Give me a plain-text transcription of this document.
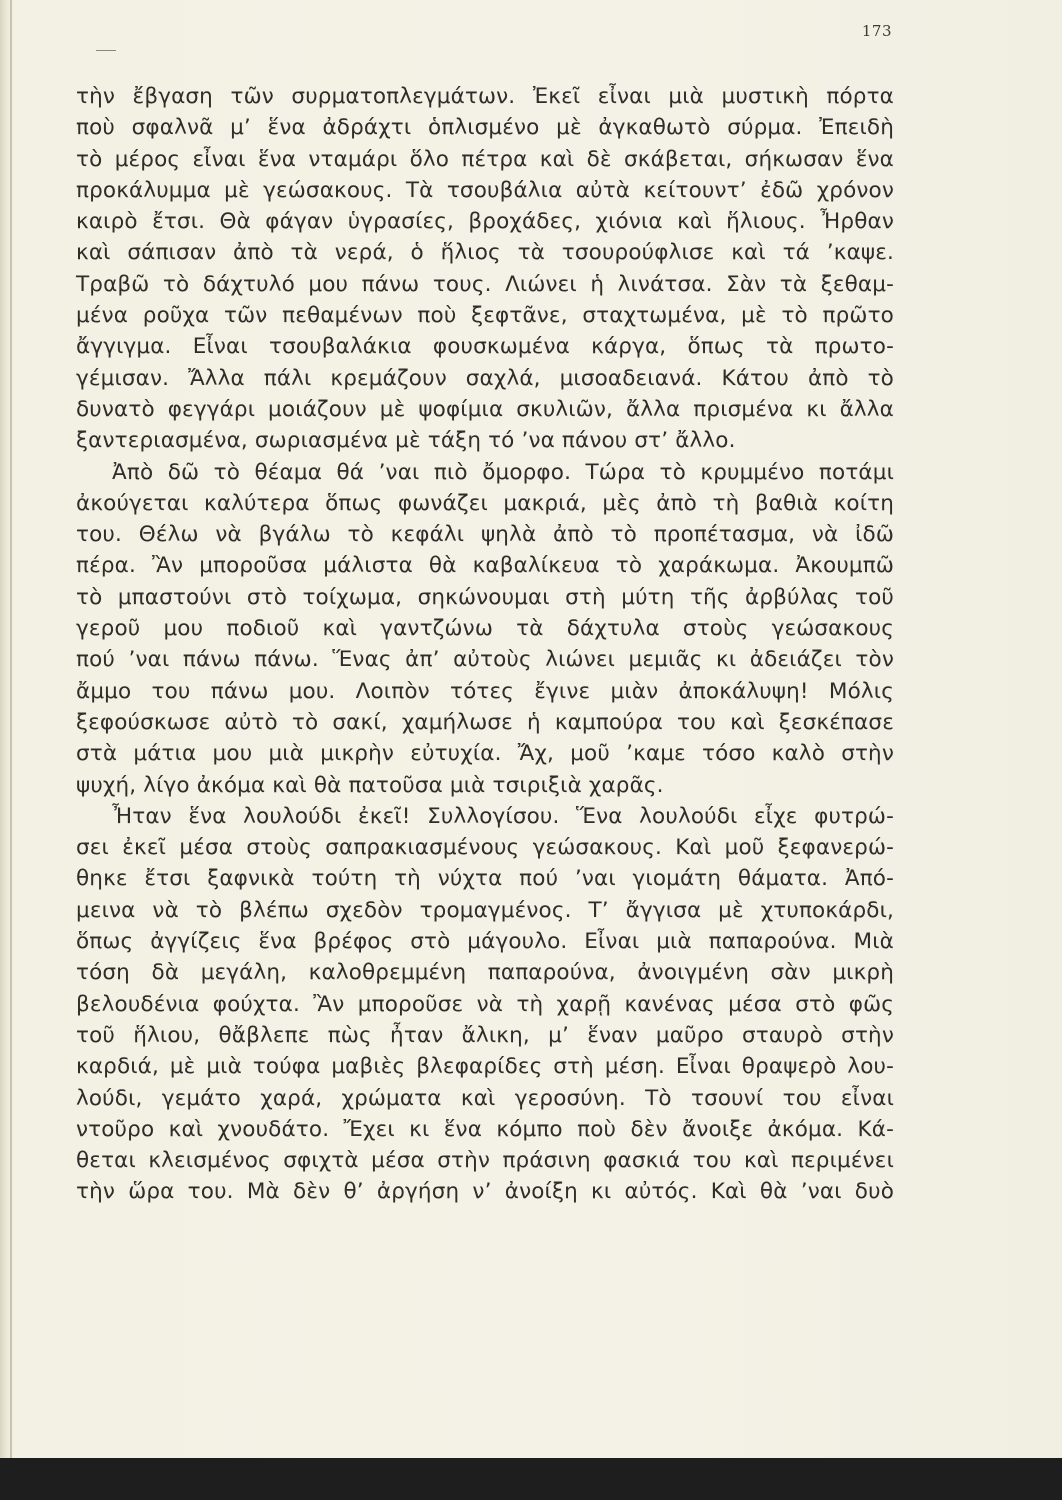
173
τὴν ἔβγαση τῶν συρματοπλεγμάτων. Ἐκεῖ εἶναι μιὰ μυστικὴ πόρτα
ποὺ σφαλνᾶ μ’ ἕνα ἀδράχτι ὁπλισμένο μὲ ἀγκαθωτὸ σύρμα. Ἐπειδὴ
τὸ μέρος εἶναι ἕνα νταμάρι ὅλο πέτρα καὶ δὲ σκάβεται, σήκωσαν ἕνα
προκάλυμμα μὲ γεώσακους. Τὰ τσουβάλια αὐτὰ κείτουντ’ ἐδῶ χρόνον
καιρὸ ἔτσι. Θὰ φάγαν ὑγρασίες, βροχάδες, χιόνια καὶ ἥλιους. Ἦρθαν
καὶ σάπισαν ἀπὸ τὰ νερά, ὁ ἥλιος τὰ τσουρούφλισε καὶ τά ’καψε.
Τραβῶ τὸ δάχτυλό μου πάνω τους. Λιώνει ἡ λινάτσα. Σὰν τὰ ξεθαμ-
μένα ροῦχα τῶν πεθαμένων ποὺ ξεφτᾶνε, σταχτωμένα, μὲ τὸ πρῶτο
ἄγγιγμα. Εἶναι τσουβαλάκια φουσκωμένα κάργα, ὅπως τὰ πρωτο-
γέμισαν. Ἄλλα πάλι κρεμάζουν σαχλά, μισοαδειανά. Κάτου ἀπὸ τὸ
δυνατὸ φεγγάρι μοιάζουν μὲ ψοφίμια σκυλιῶν, ἄλλα πρισμένα κι ἄλλα
ξαντεριασμένα, σωριασμένα μὲ τάξη τό ’να πάνου στ’ ἄλλο.
Ἀπὸ δῶ τὸ θέαμα θά ’ναι πιὸ ὄμορφο. Τώρα τὸ κρυμμένο ποτάμι
ἀκούγεται καλύτερα ὅπως φωνάζει μακριά, μὲς ἀπὸ τὴ βαθιὰ κοίτη
του. Θέλω νὰ βγάλω τὸ κεφάλι ψηλὰ ἀπὸ τὸ προπέτασμα, νὰ ἰδῶ
πέρα. Ἂν μποροῦσα μάλιστα θὰ καβαλίκευα τὸ χαράκωμα. Ἀκουμπῶ
τὸ μπαστούνι στὸ τοίχωμα, σηκώνουμαι στὴ μύτη τῆς ἀρβύλας τοῦ
γεροῦ μου ποδιοῦ καὶ γαντζώνω τὰ δάχτυλα στοὺς γεώσακους
πού ’ναι πάνω πάνω. Ἕνας ἀπ’ αὐτοὺς λιώνει μεμιᾶς κι ἀδειάζει τὸν
ἄμμο του πάνω μου. Λοιπὸν τότες ἔγινε μιὰν ἀποκάλυψη! Μόλις
ξεφούσκωσε αὐτὸ τὸ σακί, χαμήλωσε ἡ καμπούρα του καὶ ξεσκέπασε
στὰ μάτια μου μιὰ μικρὴν εὐτυχία. Ἄχ, μοῦ ’καμε τόσο καλὸ στὴν
ψυχή, λίγο ἀκόμα καὶ θὰ πατοῦσα μιὰ τσιριξιὰ χαρᾶς.
Ἦταν ἕνα λουλούδι ἐκεῖ! Συλλογίσου. Ἕνα λουλούδι εἶχε φυτρώ-
σει ἐκεῖ μέσα στοὺς σαπρακιασμένους γεώσακους. Καὶ μοῦ ξεφανερώ-
θηκε ἔτσι ξαφνικὰ τούτη τὴ νύχτα πού ’ναι γιομάτη θάματα. Ἀπό-
μεινα νὰ τὸ βλέπω σχεδὸν τρομαγμένος. Τ’ ἄγγισα μὲ χτυποκάρδι,
ὅπως ἀγγίζεις ἕνα βρέφος στὸ μάγουλο. Εἶναι μιὰ παπαρούνα. Μιὰ
τόση δὰ μεγάλη, καλοθρεμμένη παπαρούνα, ἀνοιγμένη σὰν μικρὴ
βελουδένια φούχτα. Ἂν μποροῦσε νὰ τὴ χαρῇ κανένας μέσα στὸ φῶς
τοῦ ἥλιου, θἄβλεπε πὼς ἦταν ἄλικη, μ’ ἕναν μαῦρο σταυρὸ στὴν
καρδιά, μὲ μιὰ τούφα μαβιὲς βλεφαρίδες στὴ μέση. Εἶναι θραψερὸ λου-
λούδι, γεμάτο χαρά, χρώματα καὶ γεροσύνη. Τὸ τσουνί του εἶναι
ντοῦρο καὶ χνουδάτο. Ἔχει κι ἕνα κόμπο ποὺ δὲν ἄνοιξε ἀκόμα. Κά-
θεται κλεισμένος σφιχτὰ μέσα στὴν πράσινη φασκιά του καὶ περιμένει
τὴν ὥρα του. Μὰ δὲν θ’ ἀργήση ν’ ἀνοίξη κι αὐτός. Καὶ θὰ ’ναι δυὸ
